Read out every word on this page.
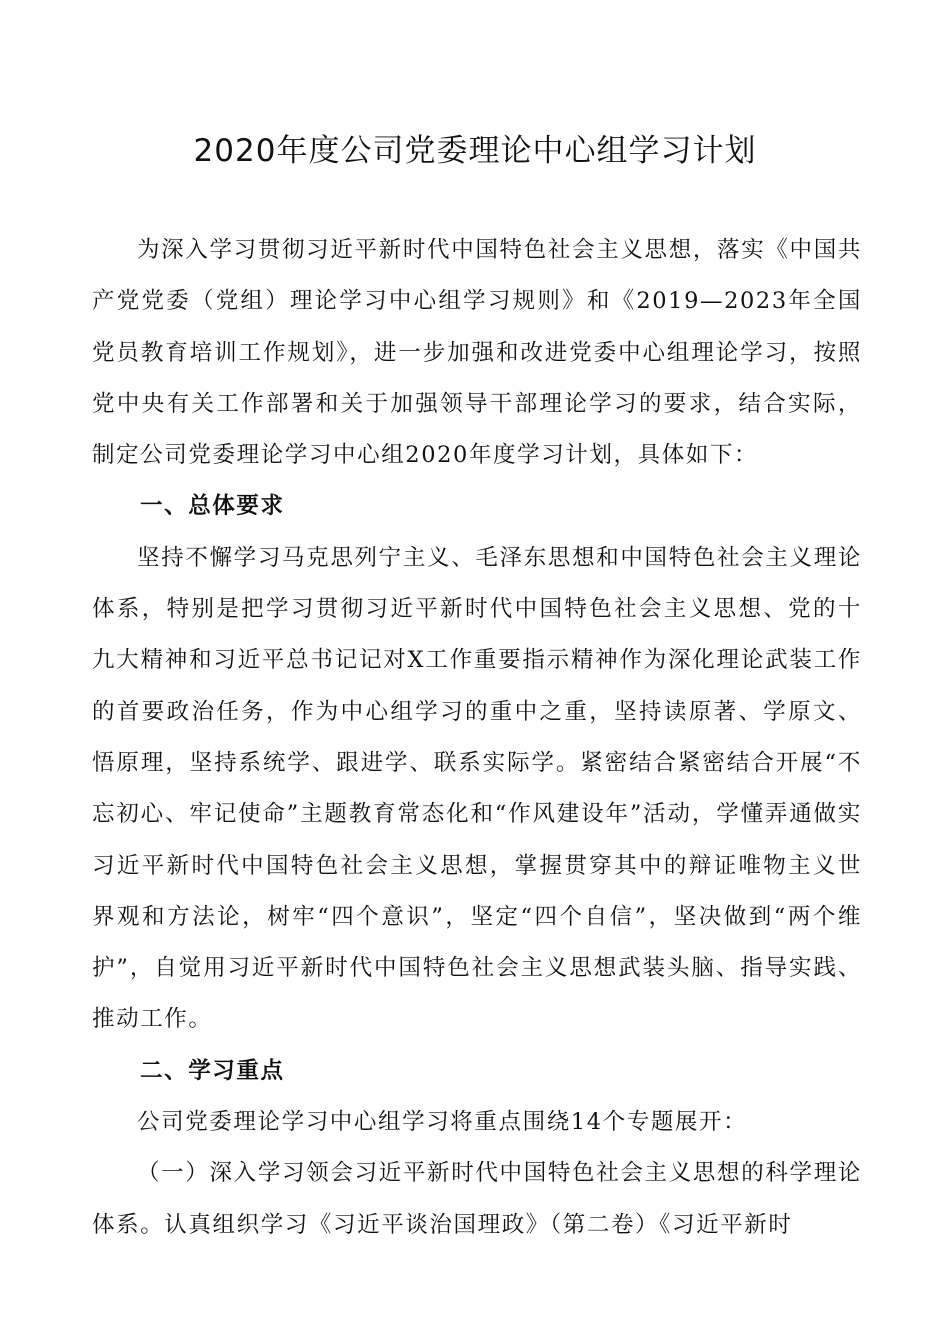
2020年度公司党委理论中心组学习计划

为深入学习贯彻习近平新时代中国特色社会主义思想，落实《中国共产党党委（党组）理论学习中心组学习规则》和《2019—2023年全国党员教育培训工作规划》，进一步加强和改进党委中心组理论学习，按照党中央有关工作部署和关于加强领导干部理论学习的要求，结合实际，制定公司党委理论学习中心组2020年度学习计划，具体如下：

一、总体要求

坚持不懈学习马克思列宁主义、毛泽东思想和中国特色社会主义理论体系，特别是把学习贯彻习近平新时代中国特色社会主义思想、党的十九大精神和习近平总书记记对X工作重要指示精神作为深化理论武装工作的首要政治任务，作为中心组学习的重中之重，坚持读原著、学原文、悟原理，坚持系统学、跟进学、联系实际学。紧密结合紧密结合开展“不忘初心、牢记使命”主题教育常态化和“作风建设年”活动，学懂弄通做实习近平新时代中国特色社会主义思想，掌握贯穿其中的辩证唯物主义世界观和方法论，树牢“四个意识”，坚定“四个自信”，坚决做到“两个维护”，自觉用习近平新时代中国特色社会主义思想武装头脑、指导实践、推动工作。

二、学习重点

公司党委理论学习中心组学习将重点围绕14个专题展开：

（一）深入学习领会习近平新时代中国特色社会主义思想的科学理论体系。认真组织学习《习近平谈治国理政》（第二卷）《习近平新时
